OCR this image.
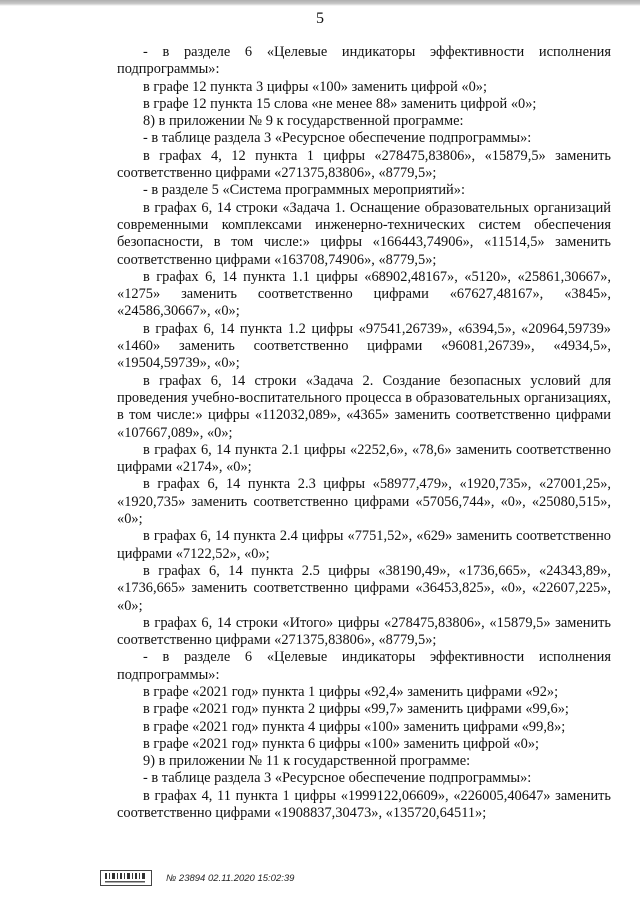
5

- в разделе 6 «Целевые индикаторы эффективности исполнения подпрограммы»:

в графе 12 пункта 3 цифры «100» заменить цифрой «0»;

в графе 12 пункта 15 слова «не менее 88» заменить цифрой «0»;

8) в приложении № 9 к государственной программе:

- в таблице раздела 3 «Ресурсное обеспечение подпрограммы»:

в графах 4, 12 пункта 1 цифры «278475,83806», «15879,5» заменить соответственно цифрами «271375,83806», «8779,5»;

- в разделе 5 «Система программных мероприятий»:

в графах 6, 14 строки «Задача 1. Оснащение образовательных организаций современными комплексами инженерно-технических систем обеспечения безопасности, в том числе:» цифры «166443,74906», «11514,5» заменить соответственно цифрами «163708,74906», «8779,5»;

в графах 6, 14 пункта 1.1 цифры «68902,48167», «5120», «25861,30667», «1275» заменить соответственно цифрами «67627,48167», «3845», «24586,30667», «0»;

в графах 6, 14 пункта 1.2 цифры «97541,26739», «6394,5», «20964,59739» «1460» заменить соответственно цифрами «96081,26739», «4934,5», «19504,59739», «0»;

в графах 6, 14 строки «Задача 2. Создание безопасных условий для проведения учебно-воспитательного процесса в образовательных организациях, в том числе:» цифры «112032,089», «4365» заменить соответственно цифрами «107667,089», «0»;

в графах 6, 14 пункта 2.1 цифры «2252,6», «78,6» заменить соответственно цифрами «2174», «0»;

в графах 6, 14 пункта 2.3 цифры «58977,479», «1920,735», «27001,25», «1920,735» заменить соответственно цифрами «57056,744», «0», «25080,515», «0»;

в графах 6, 14 пункта 2.4 цифры «7751,52», «629» заменить соответственно цифрами «7122,52», «0»;

в графах 6, 14 пункта 2.5 цифры «38190,49», «1736,665», «24343,89», «1736,665» заменить соответственно цифрами «36453,825», «0», «22607,225», «0»;

в графах 6, 14 строки «Итого» цифры «278475,83806», «15879,5» заменить соответственно цифрами «271375,83806», «8779,5»;

- в разделе 6 «Целевые индикаторы эффективности исполнения подпрограммы»:

в графе «2021 год» пункта 1 цифры «92,4» заменить цифрами «92»;

в графе «2021 год» пункта 2 цифры «99,7» заменить цифрами «99,6»;

в графе «2021 год» пункта 4 цифры «100» заменить цифрами «99,8»;

в графе «2021 год» пункта 6 цифры «100» заменить цифрой «0»;

9) в приложении № 11 к государственной программе:

- в таблице раздела 3 «Ресурсное обеспечение подпрограммы»:

в графах 4, 11 пункта 1 цифры «1999122,06609», «226005,40647» заменить соответственно цифрами «1908837,30473», «135720,64511»;

№ 23894 02.11.2020 15:02:39
